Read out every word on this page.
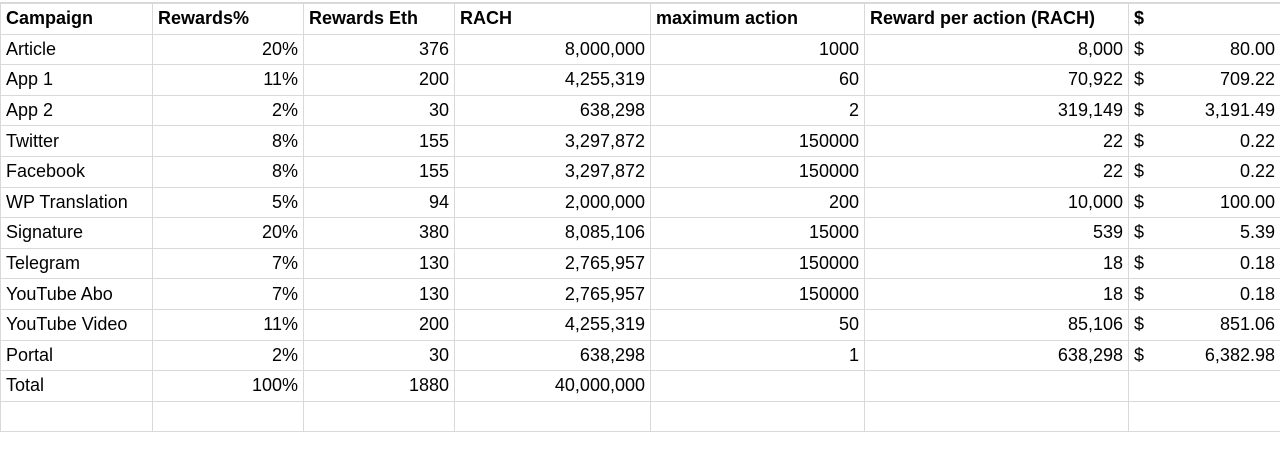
Campaign	Rewards%	Rewards Eth	RACH	maximum action	Reward per action (RACH)	$
Article	20%	376	8,000,000	1000	8,000	$ 80.00

App 1	11%	200	4,255,319	60	70,922	$ 709.22

App 2	2%	30	638,298	2	319,149	$ 3,191.49

Twitter	8%	155	3,297,872	150000	22	$ 0.22

Facebook	8%	155	3,297,872	150000	22	$ 0.22

WP Translation	5%	94	2,000,000	200	10,000	$ 100.00

Signature	20%	380	8,085,106	15000	539	$ 5.39

Telegram	7%	130	2,765,957	150000	18	$ 0.18

YouTube Abo	7%	130	2,765,957	150000	18	$ 0.18

YouTube Video	11%	200	4,255,319	50	85,106	$ 851.06

Portal	2%	30	638,298	1	638,298	$ 6,382.98

Total	100%	1880	40,000,000			
